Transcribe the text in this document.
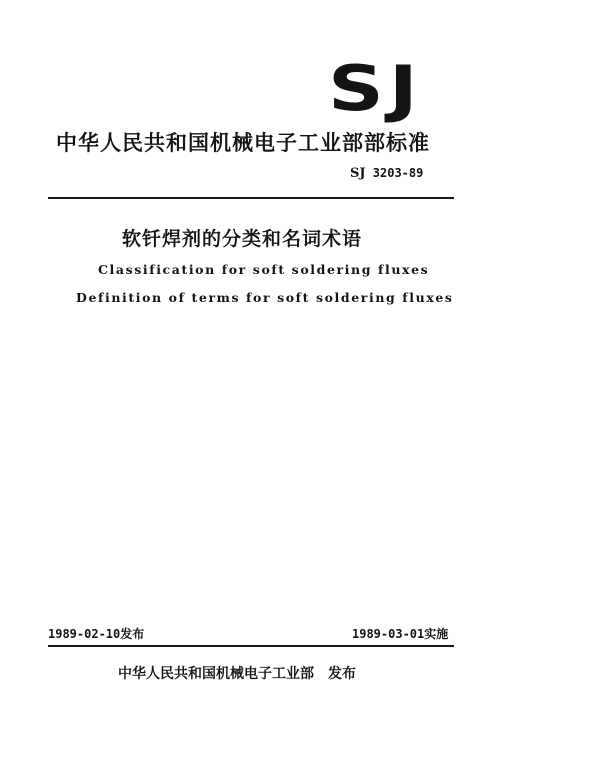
SJ
中华人民共和国机械电子工业部部标准
SJ 3203-89
软钎焊剂的分类和名词术语
Classification for soft soldering fluxes
Definition of terms for soft soldering fluxes
1989-02-10发布	1989-03-01实施
中华人民共和国机械电子工业部 发布
